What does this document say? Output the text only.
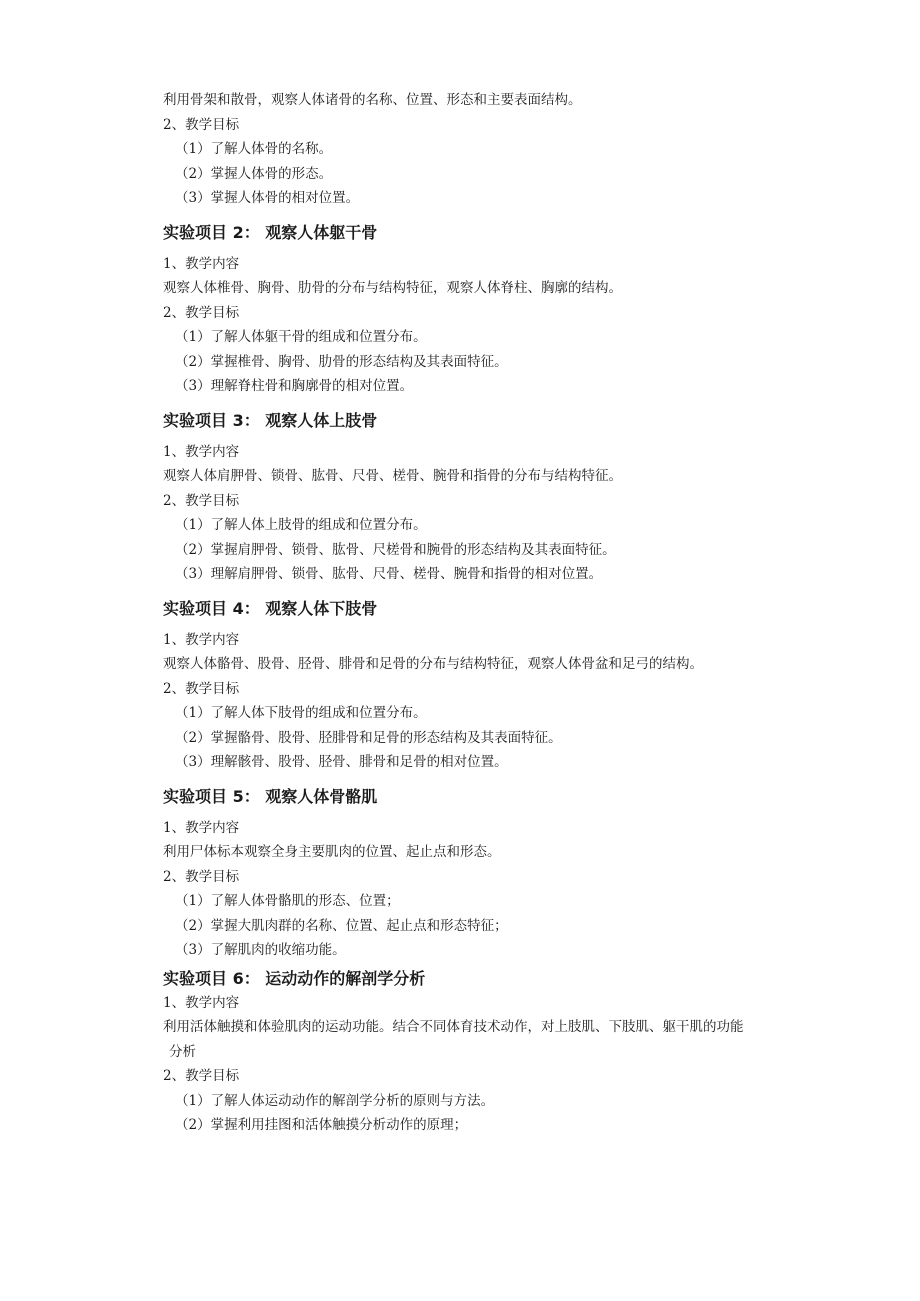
利用骨架和散骨，观察人体诸骨的名称、位置、形态和主要表面结构。
2、教学目标
（1）了解人体骨的名称。
（2）掌握人体骨的形态。
（3）掌握人体骨的相对位置。
实验项目 2： 观察人体躯干骨
1、教学内容
观察人体椎骨、胸骨、肋骨的分布与结构特征，观察人体脊柱、胸廓的结构。
2、教学目标
（1）了解人体躯干骨的组成和位置分布。
（2）掌握椎骨、胸骨、肋骨的形态结构及其表面特征。
（3）理解脊柱骨和胸廓骨的相对位置。
实验项目 3： 观察人体上肢骨
1、教学内容
观察人体肩胛骨、锁骨、肱骨、尺骨、槎骨、腕骨和指骨的分布与结构特征。
2、教学目标
（1）了解人体上肢骨的组成和位置分布。
（2）掌握肩胛骨、锁骨、肱骨、尺槎骨和腕骨的形态结构及其表面特征。
（3）理解肩胛骨、锁骨、肱骨、尺骨、槎骨、腕骨和指骨的相对位置。
实验项目 4： 观察人体下肢骨
1、教学内容
观察人体骼骨、股骨、胫骨、腓骨和足骨的分布与结构特征，观察人体骨盆和足弓的结构。
2、教学目标
（1）了解人体下肢骨的组成和位置分布。
（2）掌握骼骨、股骨、胫腓骨和足骨的形态结构及其表面特征。
（3）理解骸骨、股骨、胫骨、腓骨和足骨的相对位置。
实验项目 5： 观察人体骨骼肌
1、教学内容
利用尸体标本观察全身主要肌肉的位置、起止点和形态。
2、教学目标
（1）了解人体骨骼肌的形态、位置；
（2）掌握大肌肉群的名称、位置、起止点和形态特征；
（3）了解肌肉的收缩功能。
实验项目 6： 运动动作的解剖学分析
1、教学内容
利用活体触摸和体验肌肉的运动功能。结合不同体育技术动作，对上肢肌、下肢肌、躯干肌的功能
分析
2、教学目标
（1）了解人体运动动作的解剖学分析的原则与方法。
（2）掌握利用挂图和活体触摸分析动作的原理；
